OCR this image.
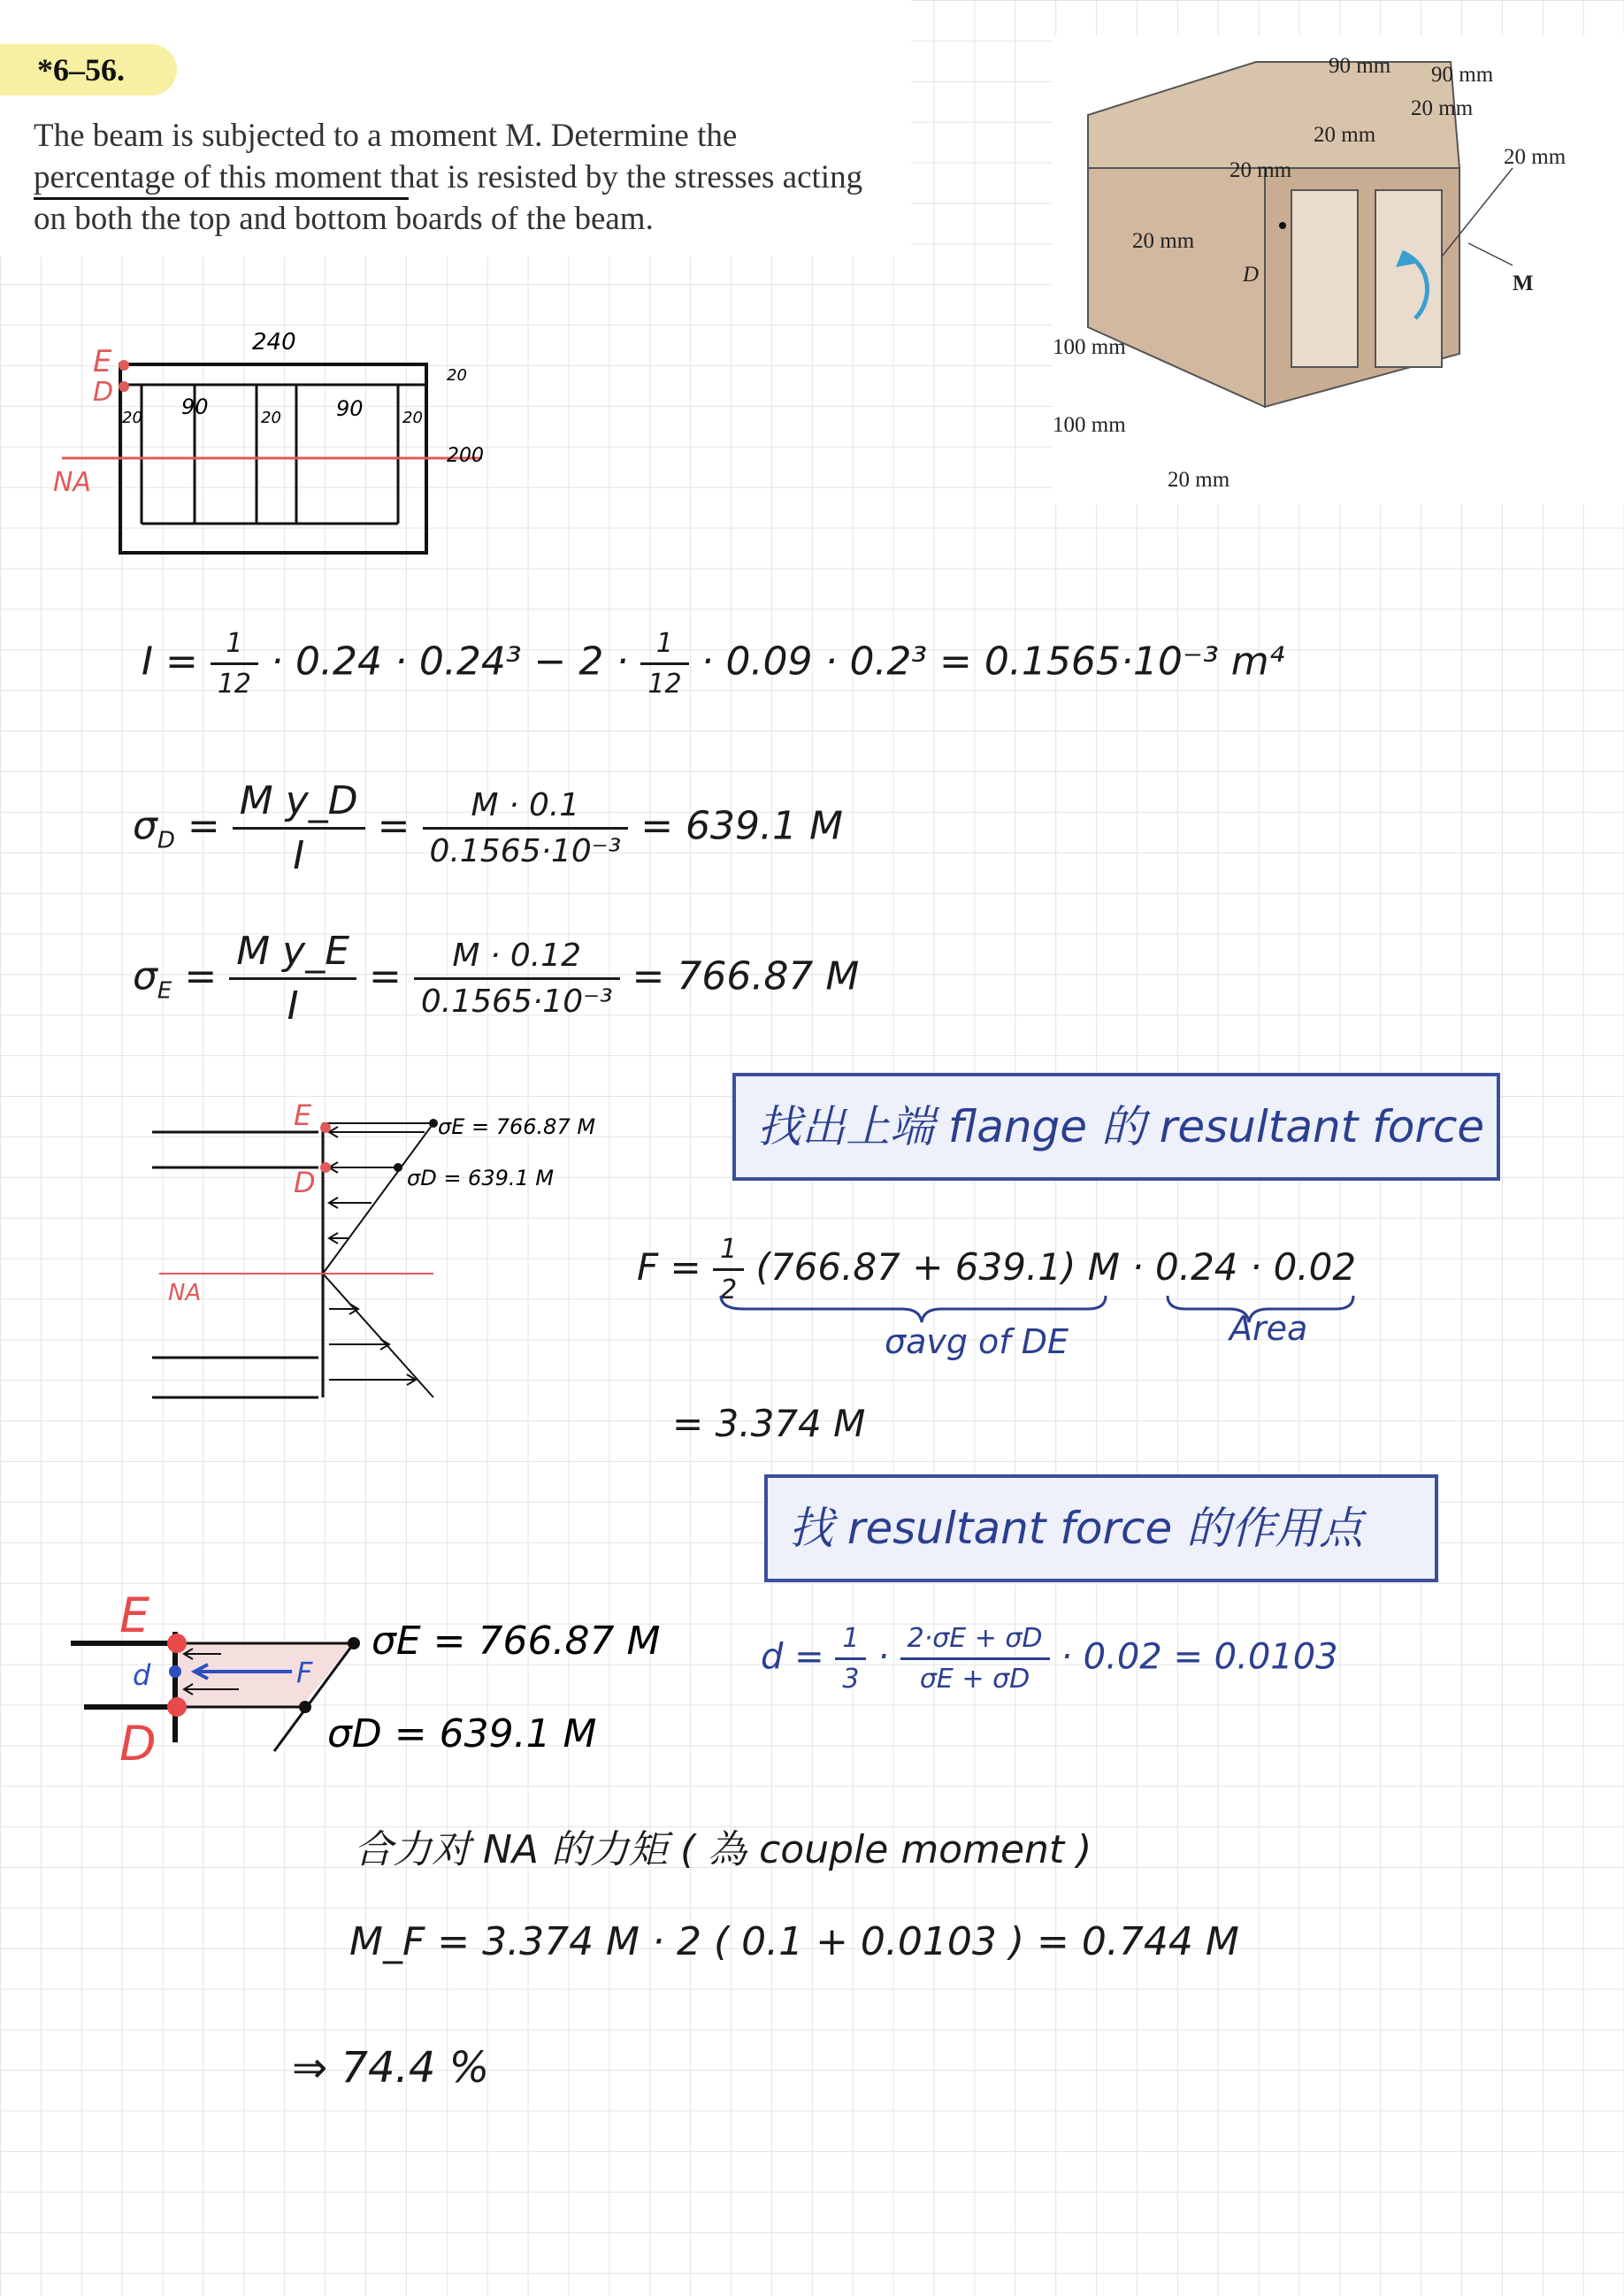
*6–56.
The beam is subjected to a moment M. Determine the
percentage of this moment that is resisted by the stresses acting
on both the top and bottom boards of the beam.
90 mm 90 mm
20 mm
20 mm
20 mm
20 mm
20 mm
100 mm
100 mm
20 mm
D	M
E
D
NA
240
20 90	20	90 20
20
200
$I = \frac{1}{12} \cdot 0.24 \cdot 0.24^3 - 2 \cdot \frac{1}{12} \cdot 0.09 \cdot 0.2^3 = 0.1565\cdot 10^{-3}$ m⁴
$\sigma_D = \frac{\text{M y\_D}}{I} = \frac{M \cdot 0.1}{\text{0.1565·10⁻³}} = 639.1$ M
$\sigma_E = \frac{\text{M y\_E}}{I} = \frac{M \cdot 0.12}{\text{0.1565·10⁻³}} = 766.87$ M
E
D
NA
σE = 766.87 M
σD = 639.1 M
找出上端 flange 的 resultant force
$F = \frac{1}{2} (766.87 + 639.1) M \cdot 0.24 \cdot 0.02$
σavg of DE	Area
= 3.374 M
找 resultant force 的作用点
E
D
d	F
σE = 766.87 M
σD = 639.1 M
$d = \frac{1}{3} \cdot \frac{2\cdot\sigma E + \sigma D}{\sigma E + \sigma D} \cdot 0.02 = 0.0103$
合力对 NA 的力矩 ( 為 couple moment )
M_F = 3.374 M · 2 ( 0.1 + 0.0103 ) = 0.744 M
⇒ 74.4 %
